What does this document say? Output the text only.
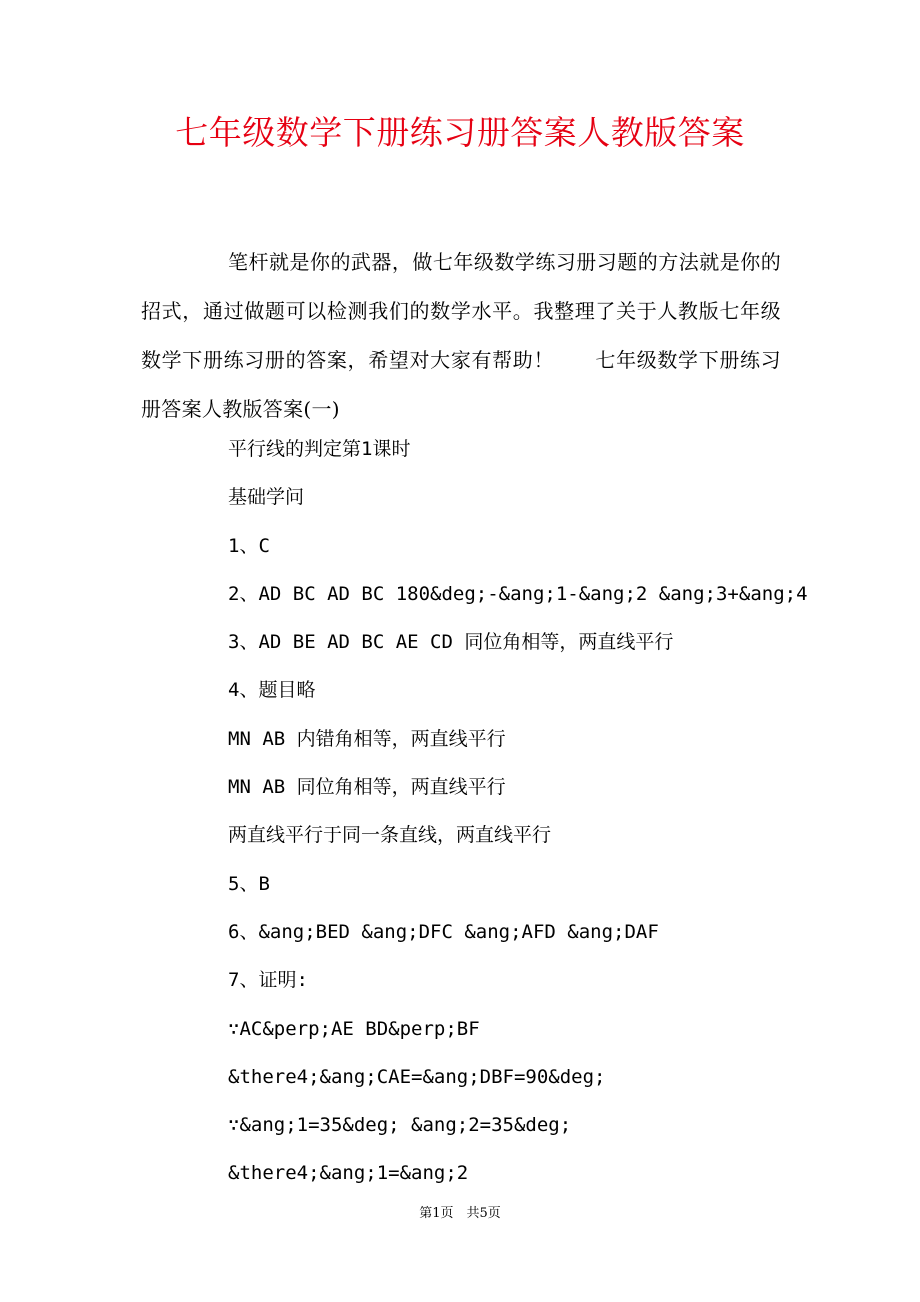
七年级数学下册练习册答案人教版答案

笔杆就是你的武器，做七年级数学练习册习题的方法就是你的招式，通过做题可以检测我们的数学水平。我整理了关于人教版七年级数学下册练习册的答案，希望对大家有帮助！　　七年级数学下册练习册答案人教版答案(一)

平行线的判定第1课时
基础学问
1、C
2、AD BC AD BC 180&deg;-&ang;1-&ang;2 &ang;3+&ang;4
3、AD BE AD BC AE CD 同位角相等，两直线平行
4、题目略
MN AB 内错角相等，两直线平行
MN AB 同位角相等，两直线平行
两直线平行于同一条直线，两直线平行
5、B
6、&ang;BED &ang;DFC &ang;AFD &ang;DAF
7、证明:
∵AC&perp;AE BD&perp;BF
&there4;&ang;CAE=&ang;DBF=90&deg;
∵&ang;1=35&deg; &ang;2=35&deg;
&there4;&ang;1=&ang;2
第1页　共5页
